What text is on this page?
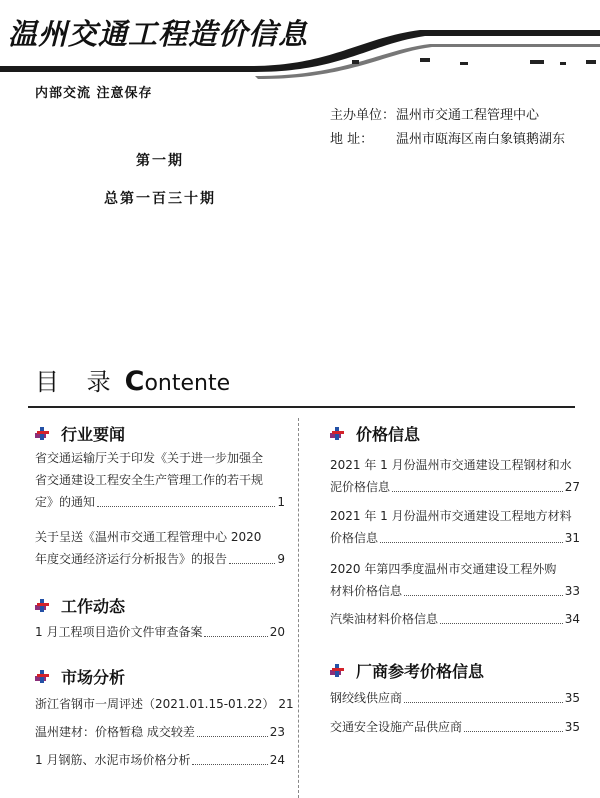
温州交通工程造价信息
内部交流 注意保存
主办单位：温州市交通工程管理中心
地 址： 温州市瓯海区南白象镇鹅湖东
第一期
总第一百三十期
目 录 Contente
行业要闻
省交通运输厅关于印发《关于进一步加强全
省交通建设工程安全生产管理工作的若干规
定》的通知	1
关于呈送《温州市交通工程管理中心 2020
年度交通经济运行分析报告》的报告	9
工作动态
1 月工程项目造价文件审查备案	20
市场分析
浙江省钢市一周评述（2021.01.15-01.22） 21
温州建材：价格暂稳 成交较差	23
1 月钢筋、水泥市场价格分析	24
价格信息
2021 年 1 月份温州市交通建设工程钢材和水
泥价格信息	27
2021 年 1 月份温州市交通建设工程地方材料
价格信息	31
2020 年第四季度温州市交通建设工程外购
材料价格信息	33
汽柴油材料价格信息	34
厂商参考价格信息
钢绞线供应商	35
交通安全设施产品供应商	35
